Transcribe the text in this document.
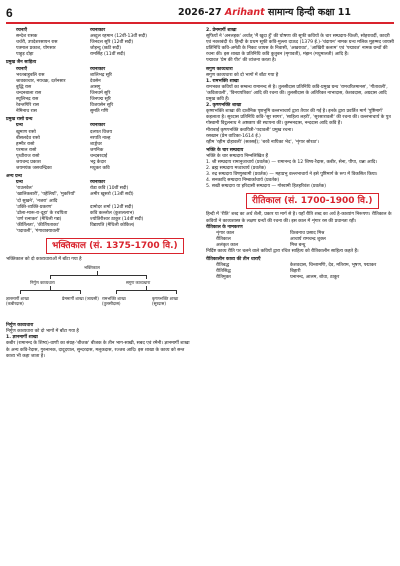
6	2026-27 Arihant सामान्य हिन्दी कक्षा 11
रचनाएँ	रचनाकार
सन्देश रासक	अब्दुल रहमान (12वीं-13वीं सदी)
चर्चरी, उपदेशरसायन रास	जिनदत्त सूरि (12वीं सदी)
पत्रमाल प्रकाश, योगसार	जोइन्दु (छठी सदी)
पाहुड़ दोहा	रामसिंह (11वीं सदी)

प्रमुख जैन साहित्य

रचनाएँ	रचनाकार
भरतबाहुबलि रास	शालिभद्र सूरि
श्रावकाचार, नयचक्र, दर्शनसार	देवसेन
बुद्धि रास	आसगु
चन्दनबाला रास	जिनधर्म सूरि
स्थूलिभद्र रास	जिनपद्म सूरि
रेवन्तगिरि रास	विजयसेन सूरि
नेमिनाथ रास	सुमति गणि

प्रमुख रासो ग्रन्थ

ग्रन्थ	रचनाकार
खुमाण रासो	दलपत विजय
बीसलदेव रासो	नरपति नाल्ह
हम्मीर रासो	शार्ङ्गधर
परमाल रासो	जगनिक
पृथ्वीराज रासो	चन्दबरदाई
जयचन्द प्रकाश	भट्ट केदार
जयमयंक जसचन्द्रिका	मधुकर कवि

अन्य ग्रन्थ

ग्रन्थ	रचनाकार
'राउलवेल'	रोडा कवि (10वीं सदी)
'खालिकबारी', 'पहेलियाँ', 'मुकरियाँ'	अमीर खुसरो (13वीं सदी)
'दो सुखने', 'नजरा' आदि
'उक्ति-व्यक्ति-प्रकरण'	दामोदर शर्मा (12वीं सदी)
'ढोला-मारू-रा-दूहा' के रचयिता	कवि कल्लोल (कुशललाभ)
'वर्ण रत्नाकर' (मैथिली गद्य)	ज्योतिरीश्वर ठाकुर (14वीं सदी)
'कीर्तिलता', 'कीर्तिपताका'	विद्यापति (मैथिली कोकिल)
'पदावली', 'गंगावाक्यावली'
भक्तिकाल (सं. 1375-1700 वि.)

भक्तिकाल को दो काव्यधाराओं में बाँटा गया है

भक्तिकाल
निर्गुण काव्यधारा	सगुण काव्यधारा
ज्ञानमार्गी शाखा (कबीरदास)
प्रेममार्गी शाखा (जायसी) रामभक्ति शाखा (तुलसीदास)
कृष्णभक्ति शाखा (सूरदास)

निर्गुण काव्यधारा

निर्गुण काव्यधारा को दो भागों में बाँटा गया है

1. ज्ञानमार्गी शाखा

कबीर (रामानन्द के शिष्य)-वाणी का संग्रह-'बीजक' बीजक के तीन भाग-साखी, सबद एवं रमैनी। ज्ञानमार्गी शाखा के अन्य कवि-रैदास, गुरुनानक, दादूदयाल, सुन्दरदास, मलूकदास, रज्जब आदि। इस शाखा के काव्य को सन्त काव्य भी कहा जाता है।

2. प्रेममार्गी शाखा

सूफियों ने 'अनलहक' अर्थात् 'मैं खुदा हूँ' की घोषणा की सूफी कवियों के चार सम्प्रदाय-चिश्ती, सोहरावर्दी, कादरी एवं नक्शबंदी थे। हिन्दी के प्रथम सूफी कवि-मुल्ला दाऊद (1379 ई.)-'चंदायन' नामक ग्रन्थ मलिक मुहम्मद जायसी प्रतिनिधि कवि-अमेठी के निकट जायस के निवासी, 'अखरावट', 'आखिरी कलाम' एवं 'पद्मावत' नामक ग्रन्थों की रचना की। इस शाखा के प्रतिनिधि कवि कुतुबन (मृगावती), मंझन (मधुमालती) आदि हैं।

पद्मावत 'प्रेम की पीर' की व्यंजना करता है।

सगुण काव्यधारा

सगुण काव्यधारा को दो भागों में बाँटा गया है

1. रामभक्ति शाखा

रामभक्त कवियों का सम्बन्ध रामानन्द से है। तुलसीदास प्रतिनिधि कवि-प्रमुख ग्रन्थ 'रामचरितमानस', 'गीतावली', 'कवितावली', 'विनयपत्रिका' आदि की रचना की। तुलसीदास के अतिरिक्त नाभादास, केशवदास, अग्रदास आदि प्रमुख कवि हैं।

2. कृष्णभक्ति शाखा

कृष्णभक्ति शाखा की दार्शनिक पृष्ठभूमि वल्लभाचार्य द्वारा तैयार की गई है। इनके द्वारा प्रवर्तित मार्ग 'पुष्टिमार्ग' कहलाता है। सूरदास प्रतिनिधि कवि-'सूर सागर', 'साहित्य लहरी', 'सूरसारावली' की रचना की। वल्लभाचार्य के पुत्र गोस्वामी विट्ठलनाथ ने अष्टछाप की स्थापना की। कुम्भनदास, नन्ददास आदि कवि हैं।

मीराबाई कृष्णभक्ति कवयित्री-'पदावली' प्रमुख रचना।

रसखान (प्रेम वाटिका-1614 ई.)

रहीम 'रहीम दोहावली' (सतसई); 'बरवै नायिका भेद', 'शृंगार सोरठा'।

भक्ति के चार सम्प्रदाय

भक्ति के चार सम्प्रदाय निम्नलिखित हैं

1. श्री सम्प्रदाय रामानुजाचार्य (प्रवर्तक) — रामानन्द के 12 शिष्य-रैदास, कबीर, सेना, पीपा, धन्ना आदि।

2. ब्रह्म सम्प्रदाय मध्वाचार्य (प्रवर्तक)

3. रुद्र सम्प्रदाय विष्णुस्वामी (प्रवर्तक) — महाप्रभु वल्लभाचार्य ने इसे पुष्टिमार्ग के रूप में विकसित किया।

4. सनकादि सम्प्रदाय निम्बार्काचार्य (प्रवर्तक)

5. सखी सम्प्रदाय या हरिदासी सम्प्रदाय — गोस्वामी हितहरिवंश (प्रवर्तक)

रीतिकाल (सं. 1700-1900 वि.)

हिन्दी में 'रीति' शब्द का अर्थ शैली, प्रकार या मार्ग से है। यहाँ रीति शब्द का अर्थ है-काव्यांग निरूपण। रीतिकाल के कवियों ने काव्यशास्त्र के लक्षण ग्रन्थों की रचना की। इस काल में शृंगार रस की प्रधानता रही।

रीतिकाल के नामकरण

शृंगार काल	विश्वनाथ प्रसाद मिश्र
रीतिकाल	आचार्य रामचन्द्र शुक्ल
अलंकृत काल	मिश्र बन्धु

निर्दिष्ट काव्य रीति पर चलने वाले कवियों द्वारा रचित साहित्य को रीतिकालीन साहित्य कहते हैं।

रीतिकालीन काव्य की तीन धाराएँ

रीतिबद्ध	केशवदास, चिन्तामणि, देव, मतिराम, भूषण, पद्माकर
रीतिसिद्ध	बिहारी
रीतिमुक्त	घनानन्द, आलम, बोधा, ठाकुर
